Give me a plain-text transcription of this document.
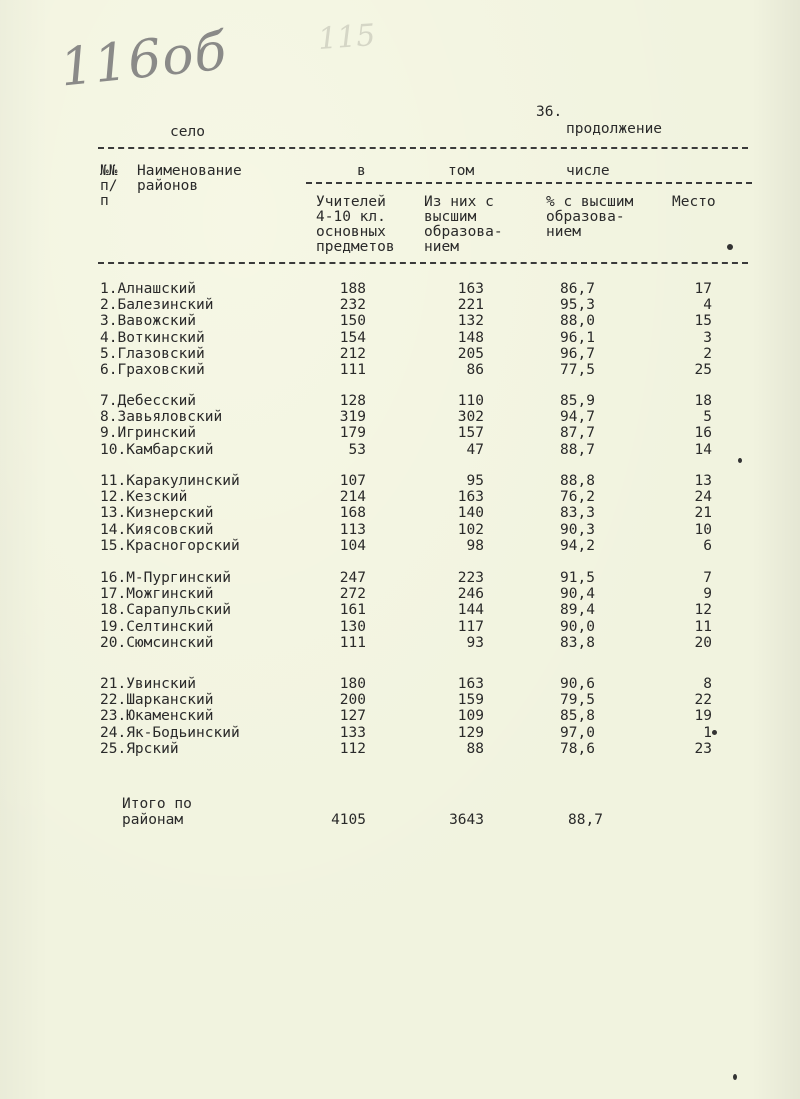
116об	115
36.
продолжение
село
№№
п/
п
Наименование
районов
в	том	числе
Учителей
4-10 кл.
основных
предметов
Из них с
высшим
образова-
нием
% с высшим
образова-
нием
Место
1.Алнашский	188	163	86,7	17
2.Балезинский	232	221	95,3	4
3.Вавожский	150	132	88,0	15
4.Воткинский	154	148	96,1	3
5.Глазовский	212	205	96,7	2
6.Граховский	111	86	77,5	25
7.Дебесский	128	110	85,9	18
8.Завьяловский	319	302	94,7	5
9.Игринский	179	157	87,7	16
10.Камбарский	53	47	88,7	14
11.Каракулинский	107	95	88,8	13
12.Кезский	214	163	76,2	24
13.Кизнерский	168	140	83,3	21
14.Киясовский	113	102	90,3	10
15.Красногорский	104	98	94,2	6
16.М-Пургинский	247	223	91,5	7
17.Можгинский	272	246	90,4	9
18.Сарапульский	161	144	89,4	12
19.Селтинский	130	117	90,0	11
20.Сюмсинский	111	93	83,8	20
21.Увинский	180	163	90,6	8
22.Шарканский	200	159	79,5	22
23.Юкаменский	127	109	85,8	19
24.Як-Бодьинский	133	129	97,0	1
25.Ярский	112	88	78,6	23
Итого по
районам	4105	3643	88,7
